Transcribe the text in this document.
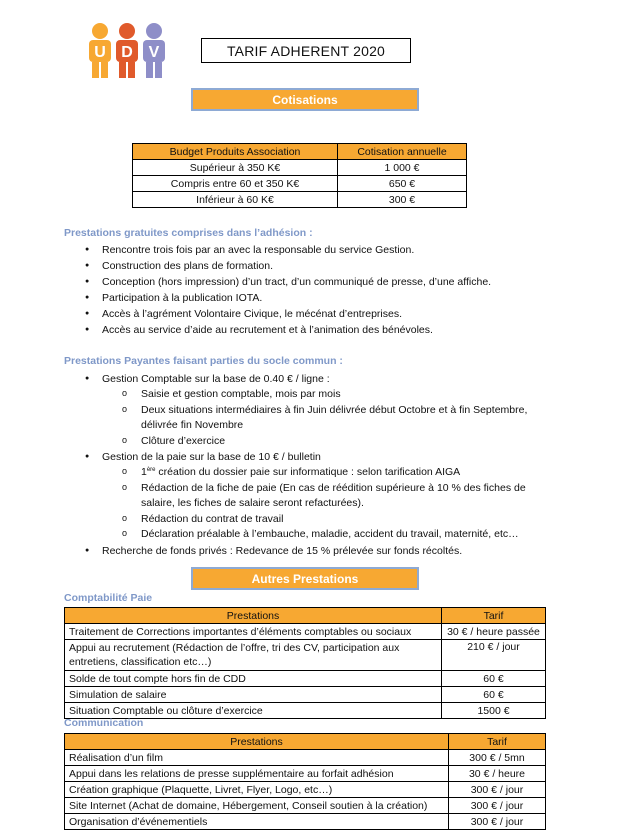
U D V	TARIF ADHERENT 2020
Cotisations
Budget Produits Association	Cotisation annuelle
Supérieur à 350 K€	1 000 €
Compris entre 60 et 350 K€	650 €
Inférieur à 60 K€	300 €
Prestations gratuites comprises dans l’adhésion :
● Rencontre trois fois par an avec la responsable du service Gestion.
● Construction des plans de formation.
● Conception (hors impression) d’un tract, d’un communiqué de presse, d’une affiche.
● Participation à la publication IOTA.
● Accès à l’agrément Volontaire Civique, le mécénat d’entreprises.
● Accès au service d’aide au recrutement et à l’animation des bénévoles.
Prestations Payantes faisant parties du socle commun :
● Gestion Comptable sur la base de 0.40 € / ligne :
o Saisie et gestion comptable, mois par mois
o Deux situations intermédiaires à fin Juin délivrée début Octobre et à fin Septembre, délivrée fin Novembre
o Clôture d’exercice
● Gestion de la paie sur la base de 10 € / bulletin
o 1ère création du dossier paie sur informatique : selon tarification AIGA
o Rédaction de la fiche de paie (En cas de réédition supérieure à 10 % des fiches de salaire, les fiches de salaire seront refacturées).
o Rédaction du contrat de travail
o Déclaration préalable à l’embauche, maladie, accident du travail, maternité, etc…
● Recherche de fonds privés : Redevance de 15 % prélevée sur fonds récoltés.
Autres Prestations
Comptabilité Paie
Prestations	Tarif
Traitement de Corrections importantes d’éléments comptables ou sociaux	30 € / heure passée
Appui au recrutement (Rédaction de l’offre, tri des CV, participation aux entretiens, classification etc…)	210 € / jour
Solde de tout compte hors fin de CDD	60 €
Simulation de salaire	60 €
Situation Comptable ou clôture d’exercice	1500 €
Communication
Prestations	Tarif
Réalisation d’un film	300 € / 5mn
Appui dans les relations de presse supplémentaire au forfait adhésion	30 € / heure
Création graphique (Plaquette, Livret, Flyer, Logo, etc…)	300 € / jour
Site Internet (Achat de domaine, Hébergement, Conseil soutien à la création)	300 € / jour
Organisation d’événementiels	300 € / jour
